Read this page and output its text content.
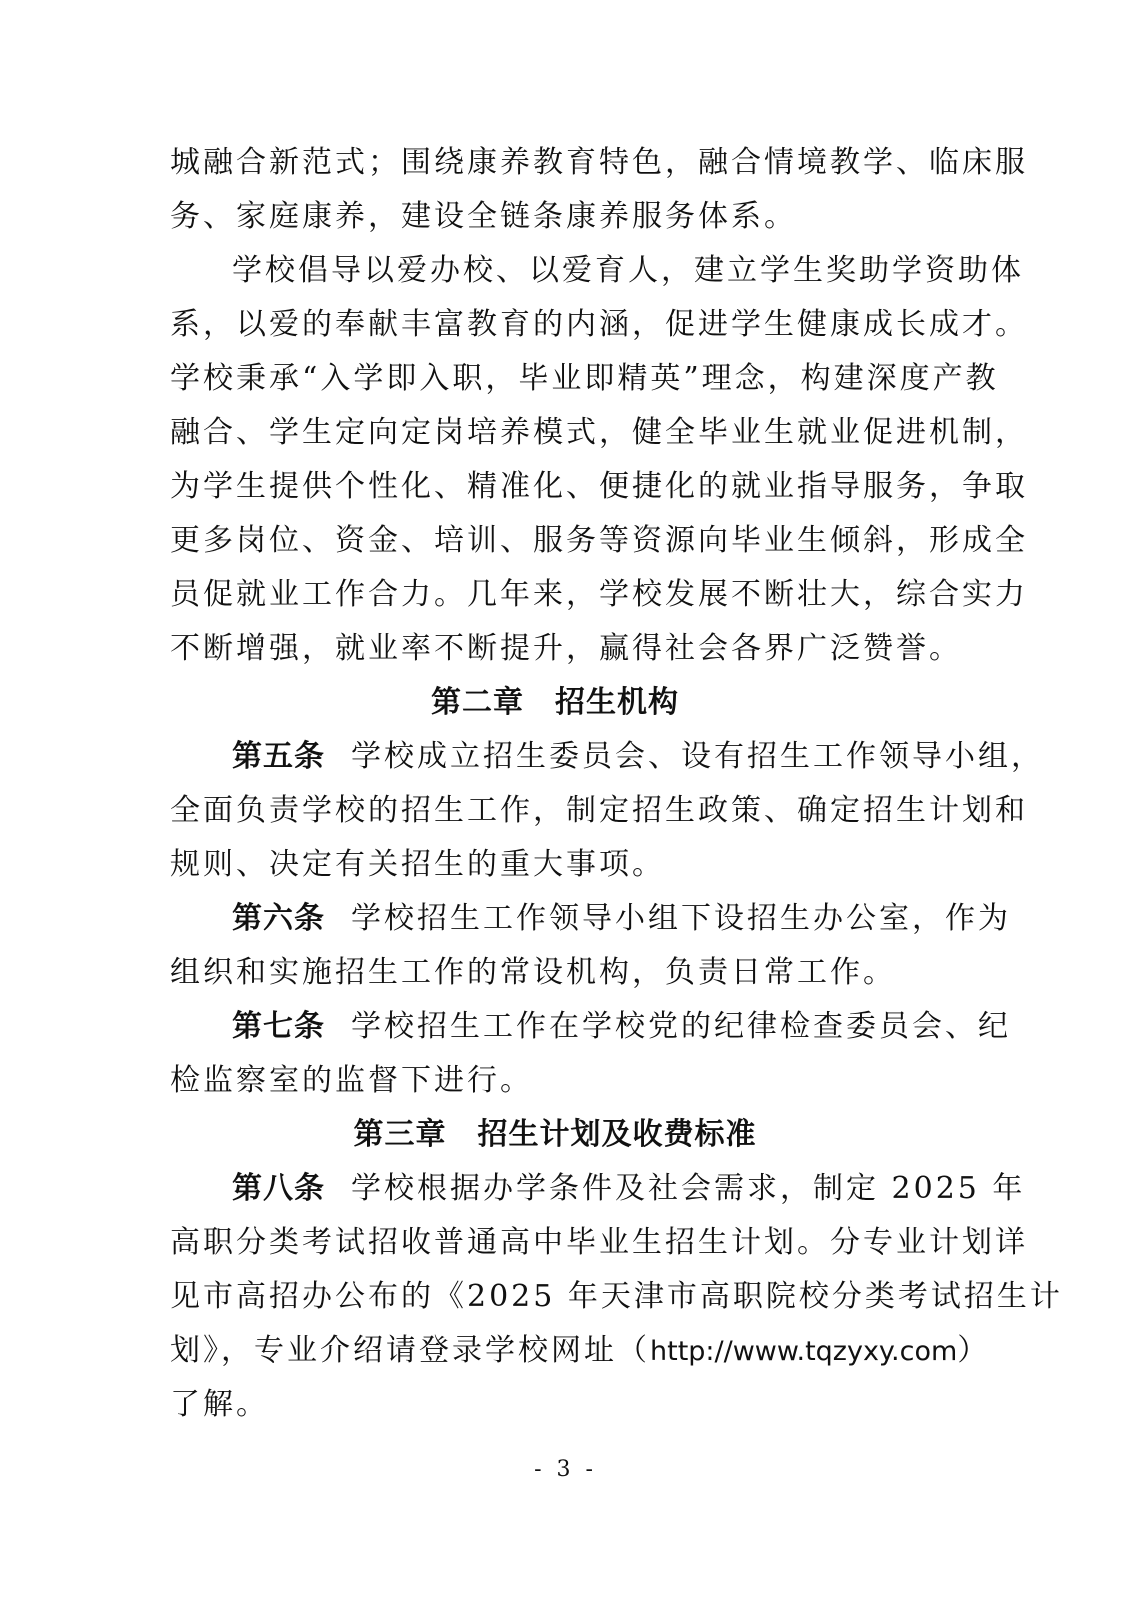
城融合新范式；围绕康养教育特色，融合情境教学、临床服
务、家庭康养，建设全链条康养服务体系。
学校倡导以爱办校、以爱育人，建立学生奖助学资助体
系，以爱的奉献丰富教育的内涵，促进学生健康成长成才。
学校秉承“入学即入职，毕业即精英”理念，构建深度产教
融合、学生定向定岗培养模式，健全毕业生就业促进机制，
为学生提供个性化、精准化、便捷化的就业指导服务，争取
更多岗位、资金、培训、服务等资源向毕业生倾斜，形成全
员促就业工作合力。几年来，学校发展不断壮大，综合实力
不断增强，就业率不断提升，赢得社会各界广泛赞誉。
第二章　招生机构
第五条 学校成立招生委员会、设有招生工作领导小组，
全面负责学校的招生工作，制定招生政策、确定招生计划和
规则、决定有关招生的重大事项。
第六条 学校招生工作领导小组下设招生办公室，作为
组织和实施招生工作的常设机构，负责日常工作。
第七条 学校招生工作在学校党的纪律检查委员会、纪
检监察室的监督下进行。
第三章　招生计划及收费标准
第八条 学校根据办学条件及社会需求，制定 2025 年
高职分类考试招收普通高中毕业生招生计划。分专业计划详
见市高招办公布的《2025 年天津市高职院校分类考试招生计
划》，专业介绍请登录学校网址（http://www.tqzyxy.com）
了解。
- 3 -
